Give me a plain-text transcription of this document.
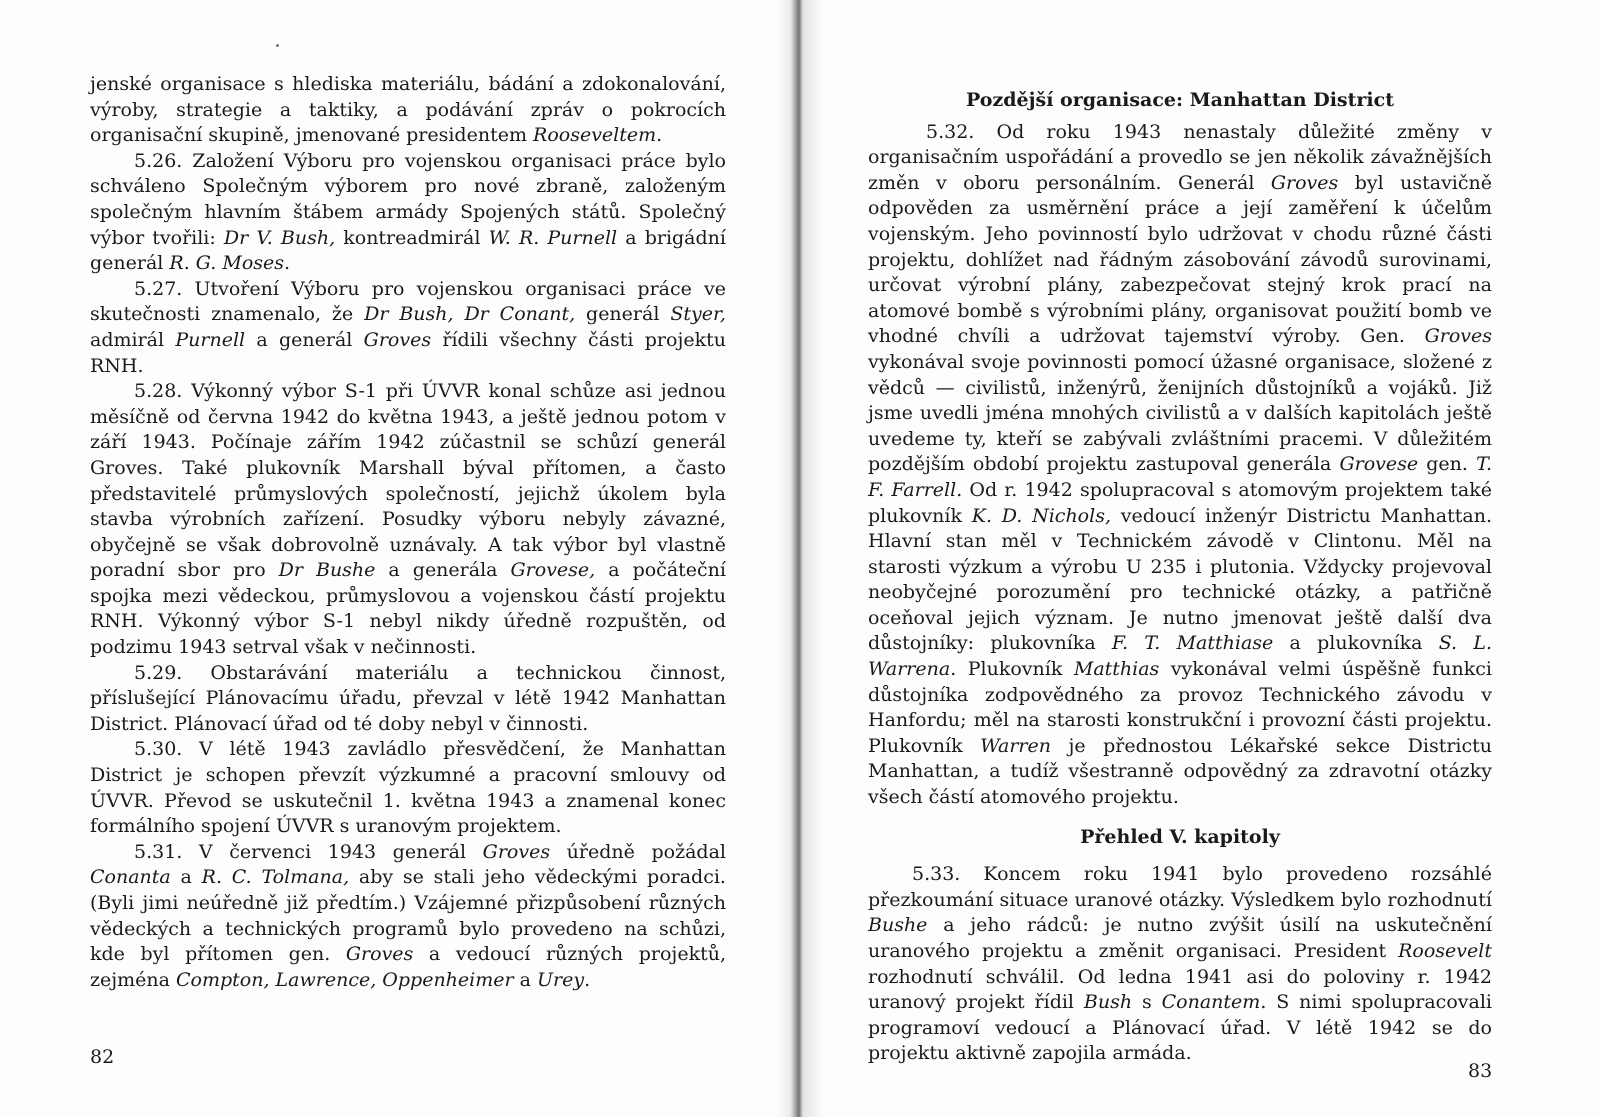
jenské organisace s hlediska materiálu, bádání a zdokonalování, výroby, strategie a taktiky, a podávání zpráv o pokrocích organisační skupině, jmenované presidentem Rooseveltem.

5.26. Založení Výboru pro vojenskou organisaci práce bylo schváleno Společným výborem pro nové zbraně, založeným společným hlavním štábem armády Spojených států. Společný výbor tvořili: Dr V. Bush, kontreadmirál W. R. Purnell a brigádní generál R. G. Moses.

5.27. Utvoření Výboru pro vojenskou organisaci práce ve skutečnosti znamenalo, že Dr Bush, Dr Conant, generál Styer, admirál Purnell a generál Groves řídili všechny části projektu RNH.

5.28. Výkonný výbor S-1 při ÚVVR konal schůze asi jednou měsíčně od června 1942 do května 1943, a ještě jednou potom v září 1943. Počínaje zářím 1942 zúčastnil se schůzí generál Groves. Také plukovník Marshall býval přítomen, a často představitelé průmyslových společností, jejichž úkolem byla stavba výrobních zařízení. Posudky výboru nebyly závazné, obyčejně se však dobrovolně uznávaly. A tak výbor byl vlastně poradní sbor pro Dr Bushe a generála Grovese, a počáteční spojka mezi vědeckou, průmyslovou a vojenskou částí projektu RNH. Výkonný výbor S-1 nebyl nikdy úředně rozpuštěn, od podzimu 1943 setrval však v nečinnosti.

5.29. Obstarávání materiálu a technickou činnost, příslušející Plánovacímu úřadu, převzal v létě 1942 Manhattan District. Plánovací úřad od té doby nebyl v činnosti.

5.30. V létě 1943 zavládlo přesvědčení, že Manhattan District je schopen převzít výzkumné a pracovní smlouvy od ÚVVR. Převod se uskutečnil 1. května 1943 a znamenal konec formálního spojení ÚVVR s uranovým projektem.

5.31. V červenci 1943 generál Groves úředně požádal Conanta a R. C. Tolmana, aby se stali jeho vědeckými poradci. (Byli jimi neúředně již předtím.) Vzájemné přizpůsobení různých vědeckých a technických programů bylo provedeno na schůzi, kde byl přítomen gen. Groves a vedoucí různých projektů, zejména Compton, Lawrence, Oppenheimer a Urey.

82
Pozdější organisace: Manhattan District

5.32. Od roku 1943 nenastaly důležité změny v organisačním uspořádání a provedlo se jen několik závažnějších změn v oboru personálním. Generál Groves byl ustavičně odpověden za usměrnění práce a její zaměření k účelům vojenským. Jeho povinností bylo udržovat v chodu různé části projektu, dohlížet nad řádným zásobování závodů surovinami, určovat výrobní plány, zabezpečovat stejný krok prací na atomové bombě s výrobními plány, organisovat použití bomb ve vhodné chvíli a udržovat tajemství výroby. Gen. Groves vykonával svoje povinnosti pomocí úžasné organisace, složené z vědců — civilistů, inženýrů, ženijních důstojníků a vojáků. Již jsme uvedli jména mnohých civilistů a v dalších kapitolách ještě uvedeme ty, kteří se zabývali zvláštními pracemi. V důležitém pozdějším období projektu zastupoval generála Grovese gen. T. F. Farrell. Od r. 1942 spolupracoval s atomovým projektem také plukovník K. D. Nichols, vedoucí inženýr Districtu Manhattan. Hlavní stan měl v Technickém závodě v Clintonu. Měl na starosti výzkum a výrobu U 235 i plutonia. Vždycky projevoval neobyčejné porozumění pro technické otázky, a patřičně oceňoval jejich význam. Je nutno jmenovat ještě další dva důstojníky: plukovníka F. T. Matthiase a plukovníka S. L. Warrena. Plukovník Matthias vykonával velmi úspěšně funkci důstojníka zodpovědného za provoz Technického závodu v Hanfordu; měl na starosti konstrukční i provozní části projektu. Plukovník Warren je přednostou Lékařské sekce Districtu Manhattan, a tudíž všestranně odpovědný za zdravotní otázky všech částí atomového projektu.

Přehled V. kapitoly

5.33. Koncem roku 1941 bylo provedeno rozsáhlé přezkoumání situace uranové otázky. Výsledkem bylo rozhodnutí Bushe a jeho rádců: je nutno zvýšit úsilí na uskutečnění uranového projektu a změnit organisaci. President Roosevelt rozhodnutí schválil. Od ledna 1941 asi do poloviny r. 1942 uranový projekt řídil Bush s Conantem. S nimi spolupracovali programoví vedoucí a Plánovací úřad. V létě 1942 se do projektu aktivně zapojila armáda.

83
